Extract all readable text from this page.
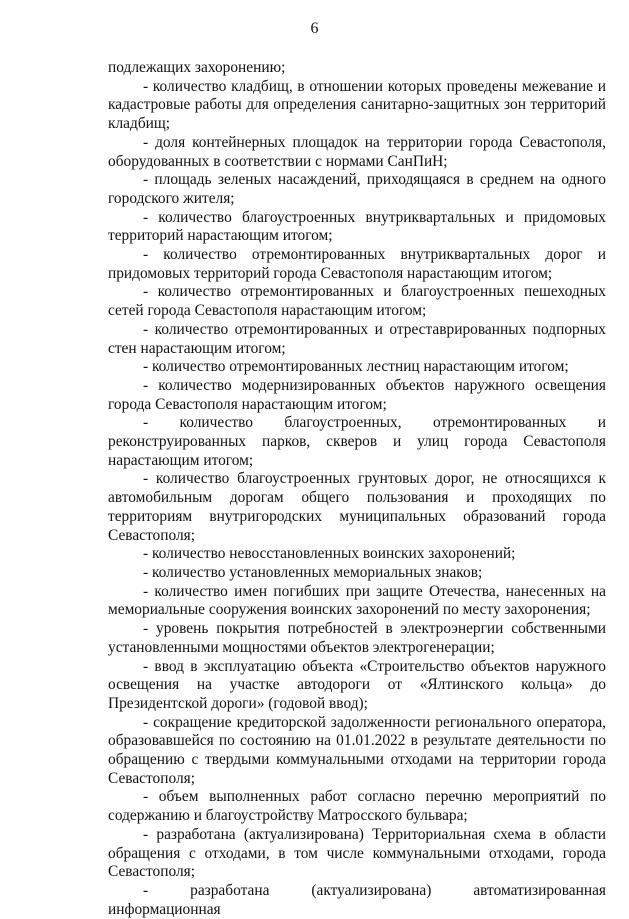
6

подлежащих захоронению;

- количество кладбищ, в отношении которых проведены межевание и кадастровые работы для определения санитарно-защитных зон территорий кладбищ;

- доля контейнерных площадок на территории города Севастополя, оборудованных в соответствии с нормами СанПиН;

- площадь зеленых насаждений, приходящаяся в среднем на одного городского жителя;

- количество благоустроенных внутриквартальных и придомовых территорий нарастающим итогом;

- количество отремонтированных внутриквартальных дорог и придомовых территорий города Севастополя нарастающим итогом;

- количество отремонтированных и благоустроенных пешеходных сетей города Севастополя нарастающим итогом;

- количество отремонтированных и отреставрированных подпорных стен нарастающим итогом;

- количество отремонтированных лестниц нарастающим итогом;

- количество модернизированных объектов наружного освещения города Севастополя нарастающим итогом;

- количество благоустроенных, отремонтированных и реконструированных парков, скверов и улиц города Севастополя нарастающим итогом;

- количество благоустроенных грунтовых дорог, не относящихся к автомобильным дорогам общего пользования и проходящих по территориям внутригородских муниципальных образований города Севастополя;

- количество невосстановленных воинских захоронений;

- количество установленных мемориальных знаков;

- количество имен погибших при защите Отечества, нанесенных на мемориальные сооружения воинских захоронений по месту захоронения;

- уровень покрытия потребностей в электроэнергии собственными установленными мощностями объектов электрогенерации;

- ввод в эксплуатацию объекта «Строительство объектов наружного освещения на участке автодороги от «Ялтинского кольца» до Президентской дороги» (годовой ввод);

- сокращение кредиторской задолженности регионального оператора, образовавшейся по состоянию на 01.01.2022 в результате деятельности по обращению с твердыми коммунальными отходами на территории города Севастополя;

- объем выполненных работ согласно перечню мероприятий по содержанию и благоустройству Матросского бульвара;

- разработана (актуализирована) Территориальная схема в области обращения с отходами, в том числе коммунальными отходами, города Севастополя;

- разработана (актуализирована) автоматизированная информационная
